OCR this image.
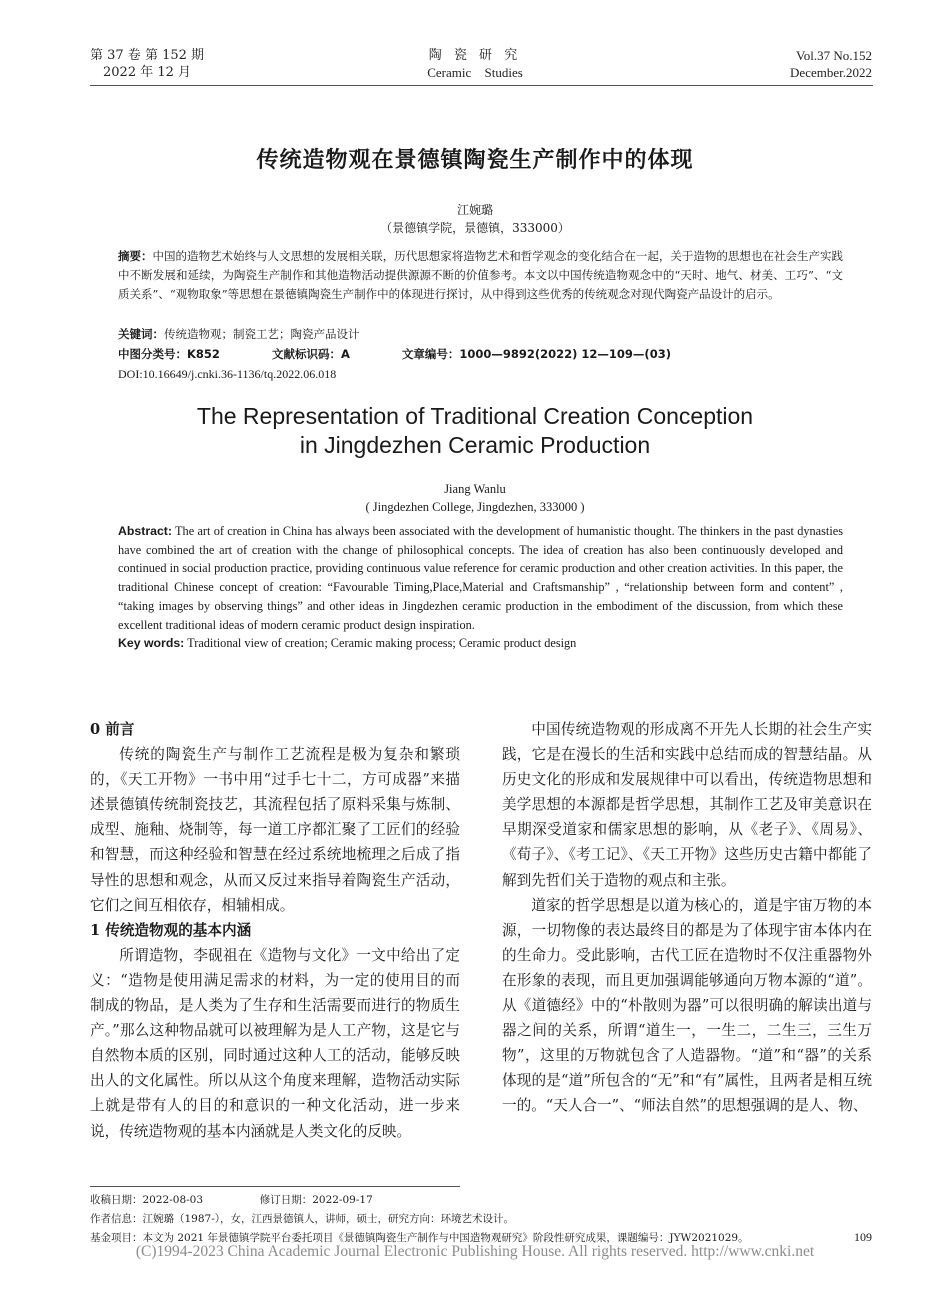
第 37 卷 第 152 期
2022 年 12 月
陶 瓷 研 究
Ceramic Studies
Vol.37 No.152
December.2022
传统造物观在景德镇陶瓷生产制作中的体现
江婉璐
（景德镇学院，景德镇，333000）

摘要：中国的造物艺术始终与人文思想的发展相关联，历代思想家将造物艺术和哲学观念的变化结合在一起，关于造物的思想也在社会生产实践中不断发展和延续，为陶瓷生产制作和其他造物活动提供源源不断的价值参考。本文以中国传统造物观念中的“天时、地气、材美、工巧”、“文质关系”、“观物取象”等思想在景德镇陶瓷生产制作中的体现进行探讨，从中得到这些优秀的传统观念对现代陶瓷产品设计的启示。

关键词：传统造物观；制瓷工艺；陶瓷产品设计

中图分类号：K852	文献标识码：A	文章编号：1000—9892(2022) 12—109—(03)
DOI:10.16649/j.cnki.36-1136/tq.2022.06.018
The Representation of Traditional Creation Conception
in Jingdezhen Ceramic Production
Jiang Wanlu
( Jingdezhen College, Jingdezhen, 333000 )

Abstract: The art of creation in China has always been associated with the development of humanistic thought. The thinkers in the past dynasties have combined the art of creation with the change of philosophical concepts. The idea of creation has also been continuously developed and continued in social production practice, providing continuous value reference for ceramic production and other creation activities. In this paper, the traditional Chinese concept of creation: “Favourable Timing,Place,Material and Craftsmanship” , “relationship between form and content” , “taking images by observing things” and other ideas in Jingdezhen ceramic production in the embodiment of the discussion, from which these excellent traditional ideas of modern ceramic product design inspiration.

Key words: Traditional view of creation; Ceramic making process; Ceramic product design

0 前言

传统的陶瓷生产与制作工艺流程是极为复杂和繁琐的，《天工开物》一书中用“过手七十二，方可成器”来描述景德镇传统制瓷技艺，其流程包括了原料采集与炼制、成型、施釉、烧制等，每一道工序都汇聚了工匠们的经验和智慧，而这种经验和智慧在经过系统地梳理之后成了指导性的思想和观念，从而又反过来指导着陶瓷生产活动，它们之间互相依存，相辅相成。

1 传统造物观的基本内涵

所谓造物，李砚祖在《造物与文化》一文中给出了定义：“造物是使用满足需求的材料，为一定的使用目的而制成的物品，是人类为了生存和生活需要而进行的物质生产。”那么这种物品就可以被理解为是人工产物，这是它与自然物本质的区别，同时通过这种人工的活动，能够反映出人的文化属性。所以从这个角度来理解，造物活动实际上就是带有人的目的和意识的一种文化活动，进一步来说，传统造物观的基本内涵就是人类文化的反映。

中国传统造物观的形成离不开先人长期的社会生产实践，它是在漫长的生活和实践中总结而成的智慧结晶。从历史文化的形成和发展规律中可以看出，传统造物思想和美学思想的本源都是哲学思想，其制作工艺及审美意识在早期深受道家和儒家思想的影响，从《老子》、《周易》、《荀子》、《考工记》、《天工开物》这些历史古籍中都能了解到先哲们关于造物的观点和主张。

道家的哲学思想是以道为核心的，道是宇宙万物的本源，一切物像的表达最终目的都是为了体现宇宙本体内在的生命力。受此影响，古代工匠在造物时不仅注重器物外在形象的表现，而且更加强调能够通向万物本源的“道”。从《道德经》中的“朴散则为器”可以很明确的解读出道与器之间的关系，所谓“道生一，一生二，二生三，三生万物”，这里的万物就包含了人造器物。“道”和“器”的关系体现的是“道”所包含的“无”和“有”属性，且两者是相互统一的。“天人合一”、“师法自然”的思想强调的是人、物、

收稿日期：2022-08-03	修订日期：2022-09-17
作者信息：江婉璐（1987-），女，江西景德镇人，讲师，硕士，研究方向：环境艺术设计。
基金项目：本文为 2021 年景德镇学院平台委托项目《景德镇陶瓷生产制作与中国造物观研究》阶段性研究成果，课题编号：JYW2021029。	109
(C)1994-2023 China Academic Journal Electronic Publishing House. All rights reserved. http://www.cnki.net
